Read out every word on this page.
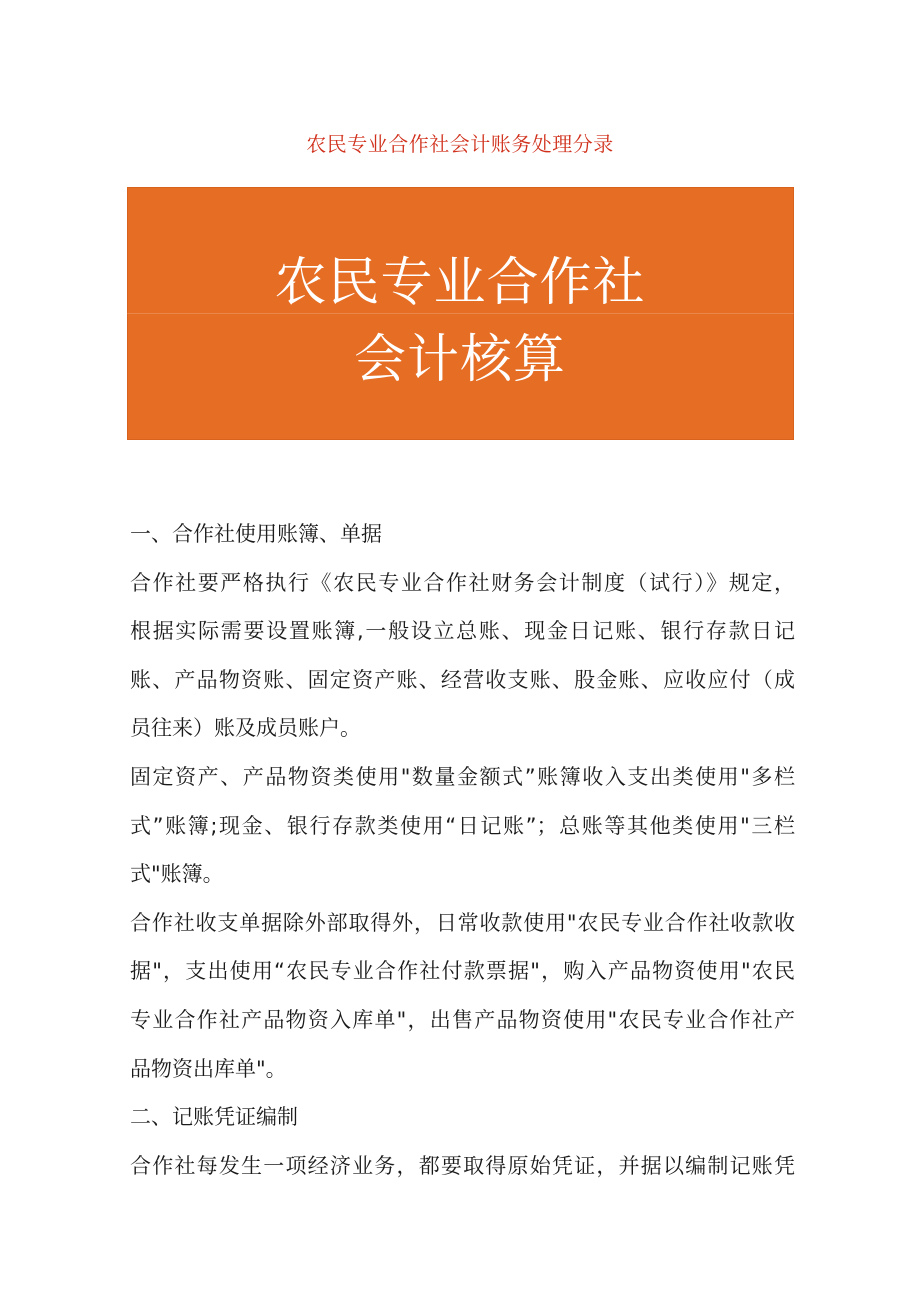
农民专业合作社会计账务处理分录
农民专业合作社
会计核算
一、合作社使用账簿、单据
合作社要严格执行《农民专业合作社财务会计制度（试行）》规定，
根据实际需要设置账簿,一般设立总账、现金日记账、银行存款日记
账、产品物资账、固定资产账、经营收支账、股金账、应收应付（成
员往来）账及成员账户。
固定资产、产品物资类使用"数量金额式”账簿收入支出类使用"多栏
式”账簿;现金、银行存款类使用“日记账”；总账等其他类使用"三栏
式"账簿。
合作社收支单据除外部取得外，日常收款使用"农民专业合作社收款收
据"，支出使用“农民专业合作社付款票据"，购入产品物资使用"农民
专业合作社产品物资入库单"，出售产品物资使用"农民专业合作社产
品物资出库单"。
二、记账凭证编制
合作社每发生一项经济业务，都要取得原始凭证，并据以编制记账凭
